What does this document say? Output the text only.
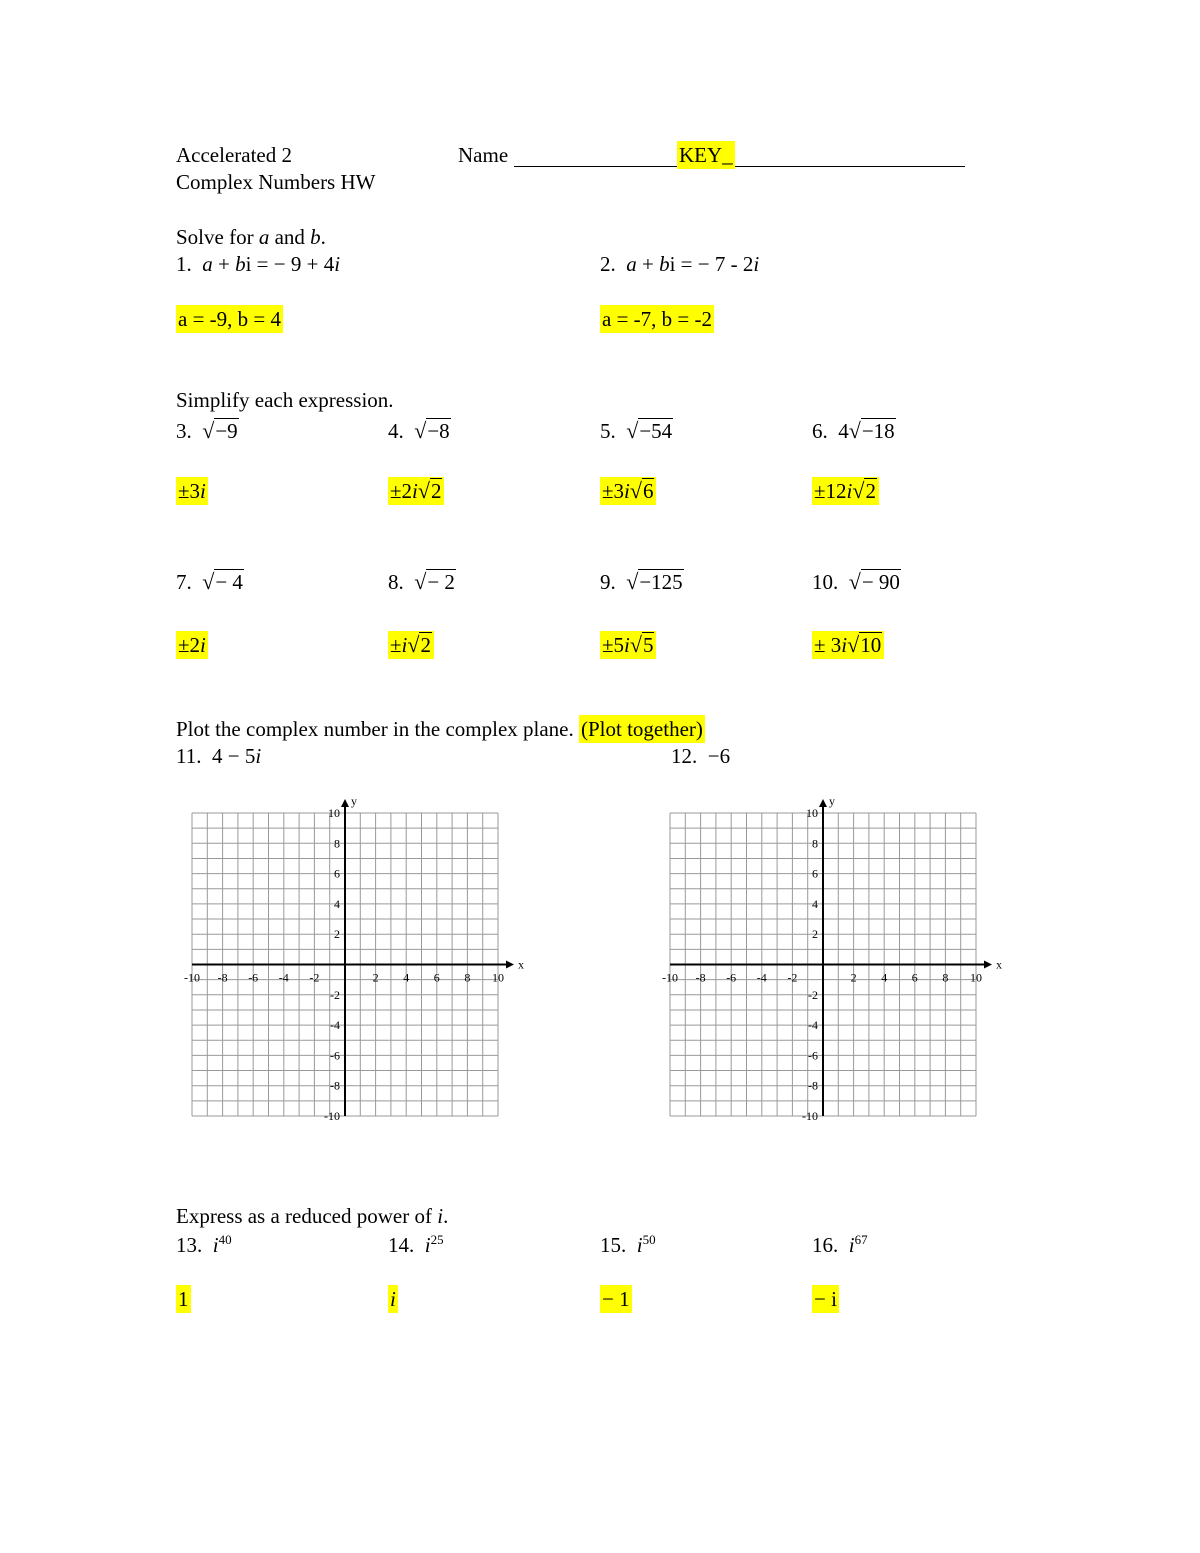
Accelerated 2	Name	KEY_
Complex Numbers HW
Solve for a and b.
1. a + bi = − 9 + 4i	2. a + bi = − 7 - 2i
a = -9, b = 4	a = -7, b = -2
Simplify each expression.
3. √−9	4. √−8	5. √−54	6. 4√−18
±3i	±2i√2	±3i√6	±12i√2
7. √− 4	8. √− 2	9. √−125	10. √− 90
±2i	±i√2	±5i√5	± 3i√10
Plot the complex number in the complex plane. (Plot together)
11. 4 − 5i	12. −6
x
y
-10 -8 -6 -4 -2	2 4 6 8 10
10
8
6
4
2
-2
-4
-6
-8
-10
x
y
-10 -8 -6 -4 -2	2 4 6 8 10
10
8
6
4
2
-2
-4
-6
-8
-10
Express as a reduced power of i.
13. $i^{40}$	14. $i^{25}$	15. $i^{50}$	16. $i^{67}$
1	i	− 1	− i
